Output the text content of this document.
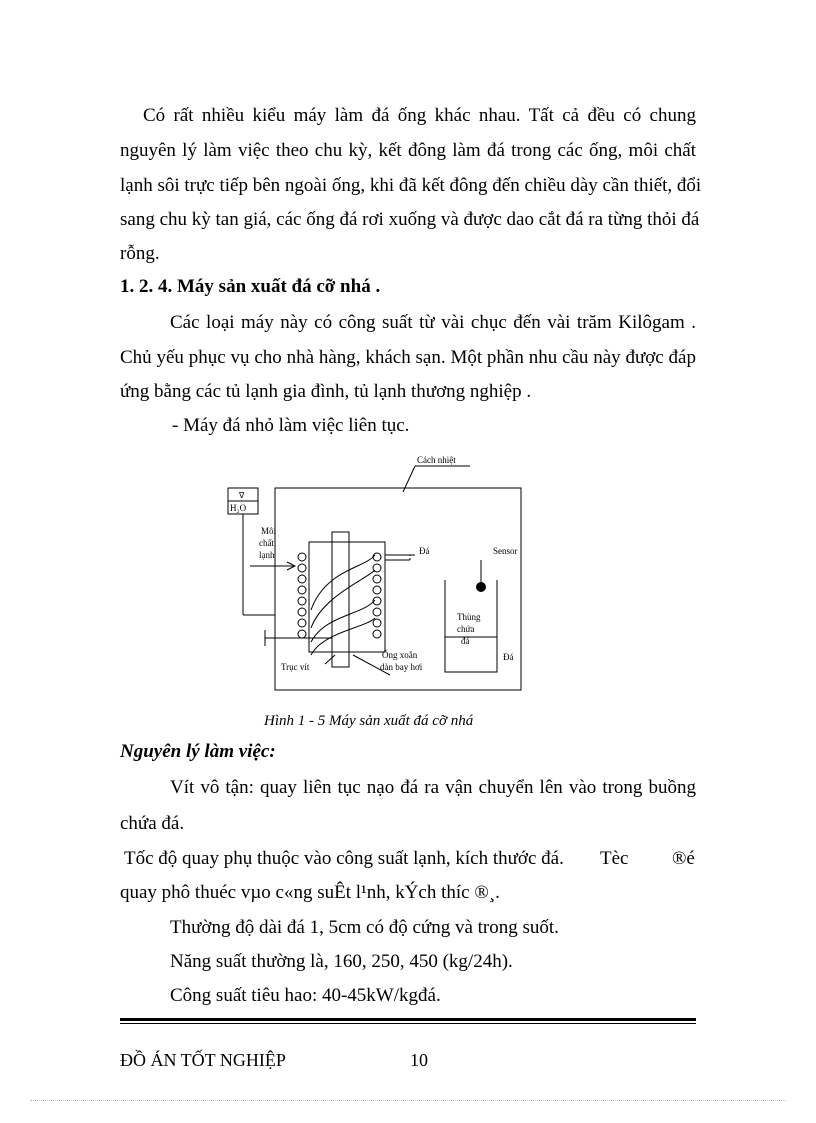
Có rất nhiều kiểu máy làm đá ống khác nhau. Tất cả đều có chung
nguyên lý làm việc theo chu kỳ, kết đông làm đá trong các ống, môi chất
lạnh sôi trực tiếp bên ngoài ống, khi đã kết đông đến chiều dày cần thiết, đổi
sang chu kỳ tan giá, các ống đá rơi xuống và được dao cắt đá ra từng thỏi đá
rỗng.
1. 2. 4. Máy sản xuất đá cỡ nhá .
Các loại máy này có công suất từ vài chục đến vài trăm Kilôgam .
Chủ yếu phục vụ cho nhà hàng, khách sạn. Một phần nhu cầu này được đáp
ứng bằng các tủ lạnh gia đình, tủ lạnh thương nghiệp .
- Máy đá nhỏ làm việc liên tục.
Cách nhiệt
∇
H₂O
Môi
chất
lạnh	Đá	Sensor
Thùng
chứa
đá
Đá
Trục vít
Ống xoắn
dàn bay hơi
Hình 1 - 5 Máy sản xuất đá cỡ nhá
Nguyên lý làm việc:
Vít vô tận: quay liên tục nạo đá ra vận chuyển lên vào trong buồng
chứa đá.
Tốc độ quay phụ thuộc vào công suất lạnh, kích thước đá. Tèc ®é
quay phô thuéc vµo c«ng suÊt l¹nh, kÝch thíc ®¸.
Thường độ dài đá 1, 5cm có độ cứng và trong suốt.
Năng suất thường là, 160, 250, 450 (kg/24h).
Công suất tiêu hao: 40-45kW/kgđá.
ĐỒ ÁN TỐT NGHIỆP	10
